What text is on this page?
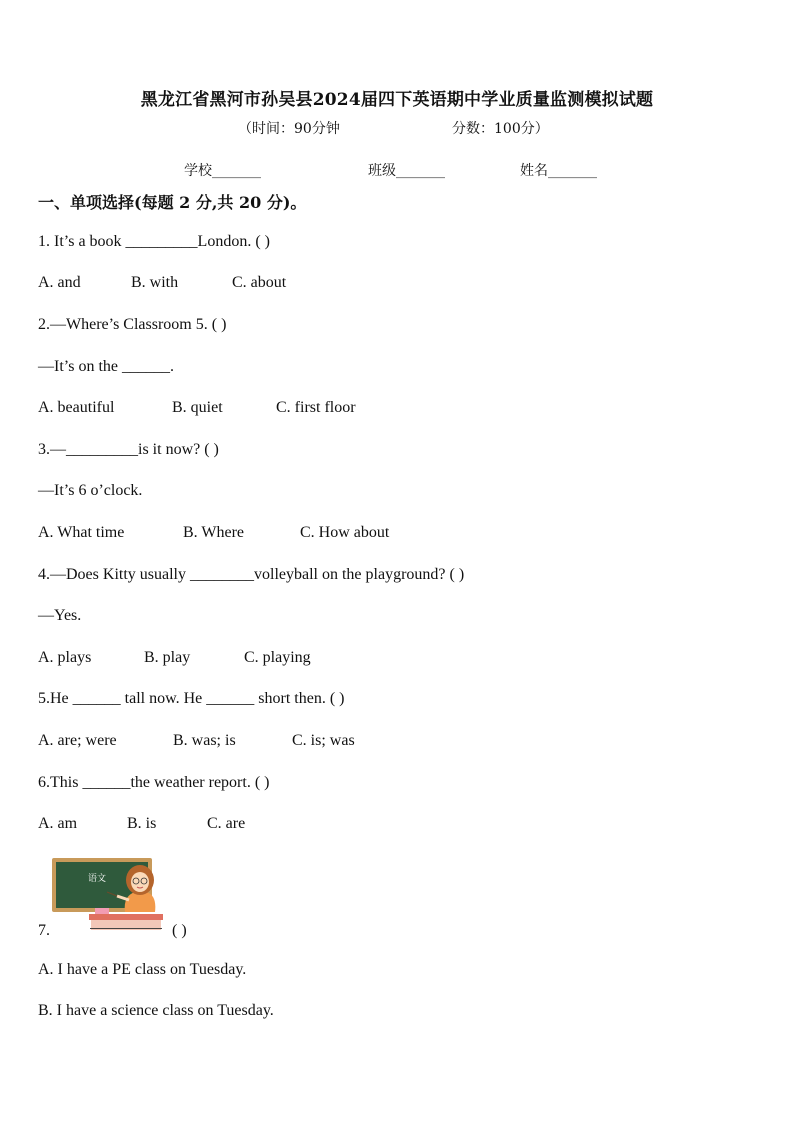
黑龙江省黑河市孙吴县2024届四下英语期中学业质量监测模拟试题
（时间：90分钟	分数：100分）
学校_______	班级_______	姓名_______
一、单项选择(每题 2 分,共 20 分)。
1. It’s a book _________London. ( )
A. and	B. with	C. about
2.—Where’s Classroom 5. ( )
—It’s on the ______.
A. beautiful	B. quiet	C. first floor
3.—_________is it now? ( )
—It’s 6 o’clock.
A. What time	B. Where	C. How about
4.—Does Kitty usually ________volleyball on the playground? ( )
—Yes.
A. plays	B. play	C. playing
5.He ______ tall now. He ______ short then. ( )
A. are; were	B. was; is	C. is; was
6.This ______the weather report. ( )
A. am	B. is	C. are
语文
7.	( )
A. I have a PE class on Tuesday.
B. I have a science class on Tuesday.
